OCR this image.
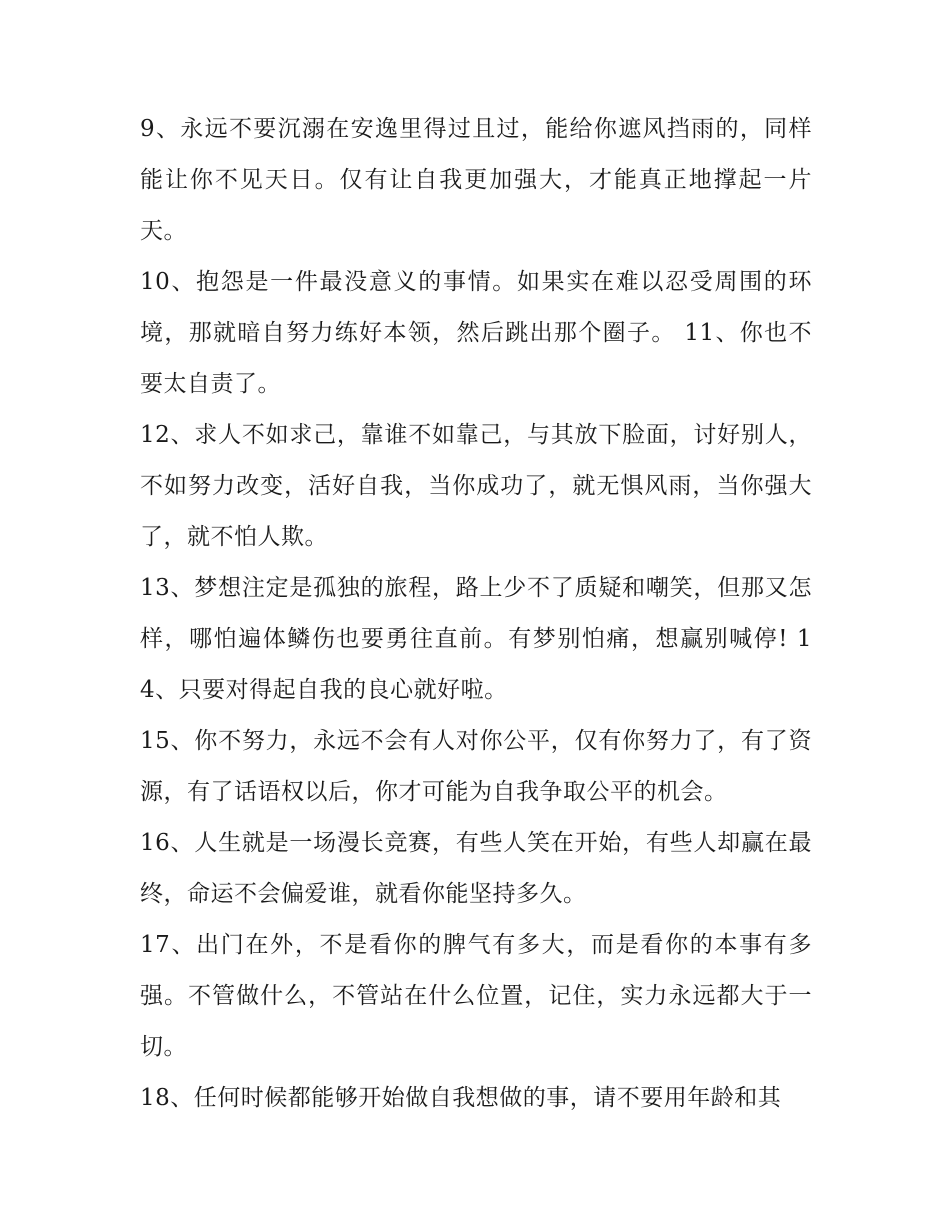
9、永远不要沉溺在安逸里得过且过，能给你遮风挡雨的，同样能让你不见天日。仅有让自我更加强大，才能真正地撑起一片天。

10、抱怨是一件最没意义的事情。如果实在难以忍受周围的环境，那就暗自努力练好本领，然后跳出那个圈子。 11、你也不要太自责了。

12、求人不如求己，靠谁不如靠己，与其放下脸面，讨好别人，不如努力改变，活好自我，当你成功了，就无惧风雨，当你强大了，就不怕人欺。

13、梦想注定是孤独的旅程，路上少不了质疑和嘲笑，但那又怎样，哪怕遍体鳞伤也要勇往直前。有梦别怕痛，想赢别喊停! 14、只要对得起自我的良心就好啦。

15、你不努力，永远不会有人对你公平，仅有你努力了，有了资源，有了话语权以后，你才可能为自我争取公平的机会。

16、人生就是一场漫长竞赛，有些人笑在开始，有些人却赢在最终，命运不会偏爱谁，就看你能坚持多久。

17、出门在外，不是看你的脾气有多大，而是看你的本事有多强。不管做什么，不管站在什么位置，记住，实力永远都大于一切。

18、任何时候都能够开始做自我想做的事，请不要用年龄和其
